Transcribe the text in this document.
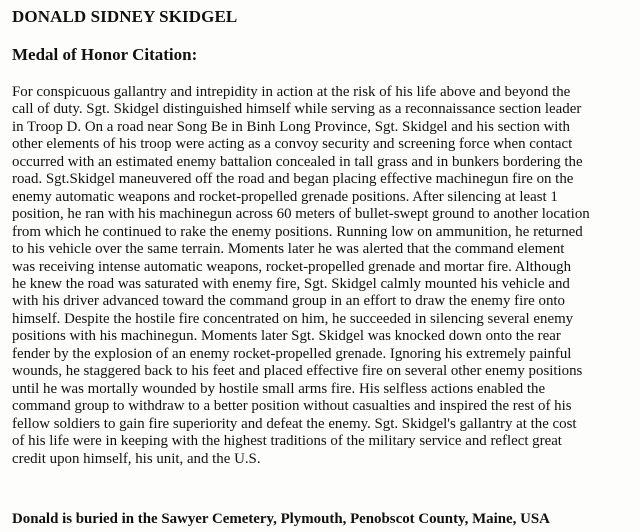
DONALD SIDNEY SKIDGEL
Medal of Honor Citation:
For conspicuous gallantry and intrepidity in action at the risk of his life above and beyond the
call of duty. Sgt. Skidgel distinguished himself while serving as a reconnaissance section leader
in Troop D. On a road near Song Be in Binh Long Province, Sgt. Skidgel and his section with
other elements of his troop were acting as a convoy security and screening force when contact
occurred with an estimated enemy battalion concealed in tall grass and in bunkers bordering the
road. Sgt.Skidgel maneuvered off the road and began placing effective machinegun fire on the
enemy automatic weapons and rocket-propelled grenade positions. After silencing at least 1
position, he ran with his machinegun across 60 meters of bullet-swept ground to another location
from which he continued to rake the enemy positions. Running low on ammunition, he returned
to his vehicle over the same terrain. Moments later he was alerted that the command element
was receiving intense automatic weapons, rocket-propelled grenade and mortar fire. Although
he knew the road was saturated with enemy fire, Sgt. Skidgel calmly mounted his vehicle and
with his driver advanced toward the command group in an effort to draw the enemy fire onto
himself. Despite the hostile fire concentrated on him, he succeeded in silencing several enemy
positions with his machinegun. Moments later Sgt. Skidgel was knocked down onto the rear
fender by the explosion of an enemy rocket-propelled grenade. Ignoring his extremely painful
wounds, he staggered back to his feet and placed effective fire on several other enemy positions
until he was mortally wounded by hostile small arms fire. His selfless actions enabled the
command group to withdraw to a better position without casualties and inspired the rest of his
fellow soldiers to gain fire superiority and defeat the enemy. Sgt. Skidgel's gallantry at the cost
of his life were in keeping with the highest traditions of the military service and reflect great
credit upon himself, his unit, and the U.S.
Donald is buried in the Sawyer Cemetery, Plymouth, Penobscot County, Maine, USA
